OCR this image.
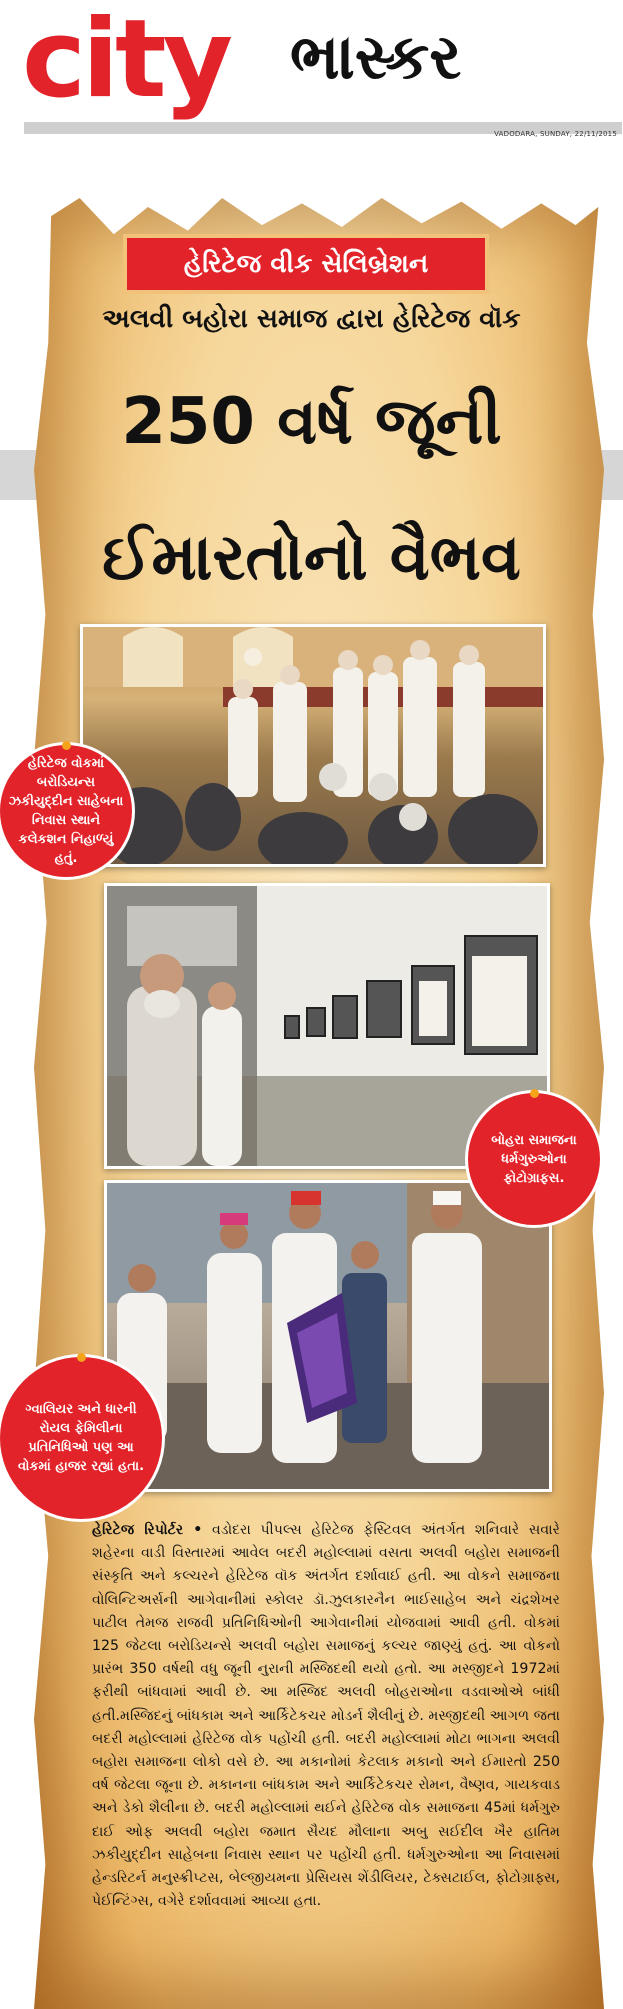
city ભાસ્કર
VADODARA, SUNDAY, 22/11/2015
હેરિટેજ વીક સેલિબ્રેશન
અલવી બહોરા સમાજ દ્વારા હેરિટેજ વૉક
250 વર્ષ જૂની
ઈમારતોનો વૈભવ
હેરિટેજ વોકમાં બરોડિયન્સ ઝકીયુદ્દીન સાહેબના નિવાસ સ્થાને કલેકશન નિહાળ્યું હતું.
બોહરા સમાજના ધર્મગુરુઓના ફોટોગ્રાફસ.
ગ્વાલિયર અને ધારની રોયલ ફેમિલીના પ્રતિનિધિઓ પણ આ વોકમાં હાજર રહ્યાં હતા.
હેરિટેજ રિપોર્ટર • વડોદરા પીપલ્સ હેરિટેજ ફેસ્ટિવલ અંતર્ગત શનિવારે સવારે શહેરના વાડી વિસ્તારમાં આવેલ બદરી મહોલ્લામાં વસતા અલવી બહોરા સમાજની સંસ્કૃતિ અને કલ્ચરને હેરિટેજ વૉક અંતર્ગત દર્શાવાઈ હતી. આ વોકને સમાજના વોલિન્ટિઅર્સની આગેવાનીમાં સ્કોલર ડૉ.ઝુલકારનૈન ભાઈસાહેબ અને ચંદ્રશેખર પાટીલ તેમજ રાજવી પ્રતિનિધિઓની આગેવાનીમાં યોજવામાં આવી હતી. વોકમાં 125 જેટલા બરોડિયન્સે અલવી બહોરા સમાજનું કલ્ચર જાણ્યું હતું. આ વોકનો પ્રારંભ 350 વર્ષથી વધુ જૂની નુરાની મસ્જિદથી થયો હતો. આ મસ્જીદને 1972માં ફરીથી બાંધવામાં આવી છે. આ મસ્જિદ અલવી બોહરાઓના વડવાઓએ બાંધી હતી.મસ્જિદનું બાંધકામ અને આર્કિટેકચર મોડર્ન શૈલીનું છે. મસ્જીદથી આગળ જતા બદરી મહોલ્લામાં હેરિટેજ વોક પહોંચી હતી. બદરી મહોલ્લામાં મોટા ભાગના અલવી બહોરા સમાજના લોકો વસે છે. આ મકાનોમાં કેટલાક મકાનો અને ઈમારતો 250 વર્ષ જેટલા જૂના છે. મકાનના બાંધકામ અને આર્કિટેકચર રોમન, વૈષ્ણવ, ગાયકવાડ અને ડેકો શૈલીના છે. બદરી મહોલ્લામાં થઈને હેરિટેજ વોક સમાજના 45માં ધર્મગુરુ દાઈ ઓફ અલવી બહોરા જમાત સૈયદ મૌલાના અબુ સઈદીલ ખૈર હાતિમ ઝકીયુદ્દીન સાહેબના નિવાસ સ્થાન પર પહોંચી હતી. ધર્મગુરુઓના આ નિવાસમાં હેન્ડરિટર્ન મનુસ્ક્રીપ્ટસ, બેલ્જીયમના પ્રેસિયસ શેંડીલિયર, ટેક્સટાઈલ, ફોટોગ્રાફ્સ, પેઈન્ટિંગ્સ, વગેરે દર્શાવવામાં આવ્યા હતા.
